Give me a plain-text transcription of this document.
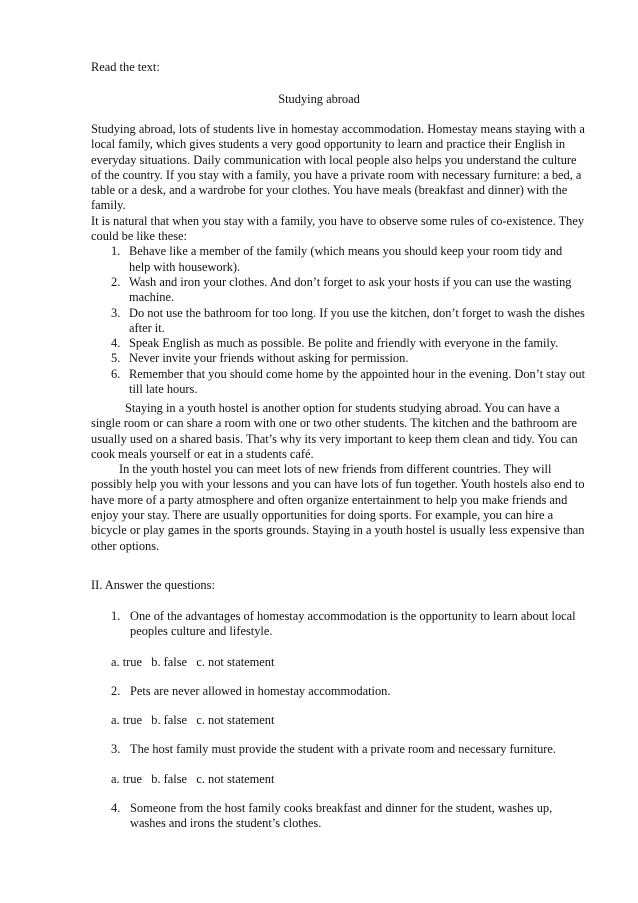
Read the text:

Studying abroad

Studying abroad, lots of students live in homestay accommodation. Homestay means staying with a local family, which gives students a very good opportunity to learn and practice their English in everyday situations. Daily communication with local people also helps you understand the culture of the country. If you stay with a family, you have a private room with necessary furniture: a bed, a table or a desk, and a wardrobe for your clothes. You have meals (breakfast and dinner) with the family.

It is natural that when you stay with a family, you have to observe some rules of co-existence. They could be like these:

1. Behave like a member of the family (which means you should keep your room tidy and help with housework).
2. Wash and iron your clothes. And don’t forget to ask your hosts if you can use the wasting machine.
3. Do not use the bathroom for too long. If you use the kitchen, don’t forget to wash the dishes after it.
4. Speak English as much as possible. Be polite and friendly with everyone in the family.
5. Never invite your friends without asking for permission.
6. Remember that you should come home by the appointed hour in the evening. Don’t stay out till late hours.

Staying in a youth hostel is another option for students studying abroad. You can have a single room or can share a room with one or two other students. The kitchen and the bathroom are usually used on a shared basis. That’s why its very important to keep them clean and tidy. You can cook meals yourself or eat in a students café.

In the youth hostel you can meet lots of new friends from different countries. They will possibly help you with your lessons and you can have lots of fun together. Youth hostels also end to have more of a party atmosphere and often organize entertainment to help you make friends and enjoy your stay. There are usually opportunities for doing sports. For example, you can hire a bicycle or play games in the sports grounds. Staying in a youth hostel is usually less expensive than other options.

II. Answer the questions:

1. One of the advantages of homestay accommodation is the opportunity to learn about local peoples culture and lifestyle.

a. true   b. false   c. not statement

2. Pets are never allowed in homestay accommodation.

a. true   b. false   c. not statement

3. The host family must provide the student with a private room and necessary furniture.

a. true   b. false   c. not statement

4. Someone from the host family cooks breakfast and dinner for the student, washes up, washes and irons the student’s clothes.
